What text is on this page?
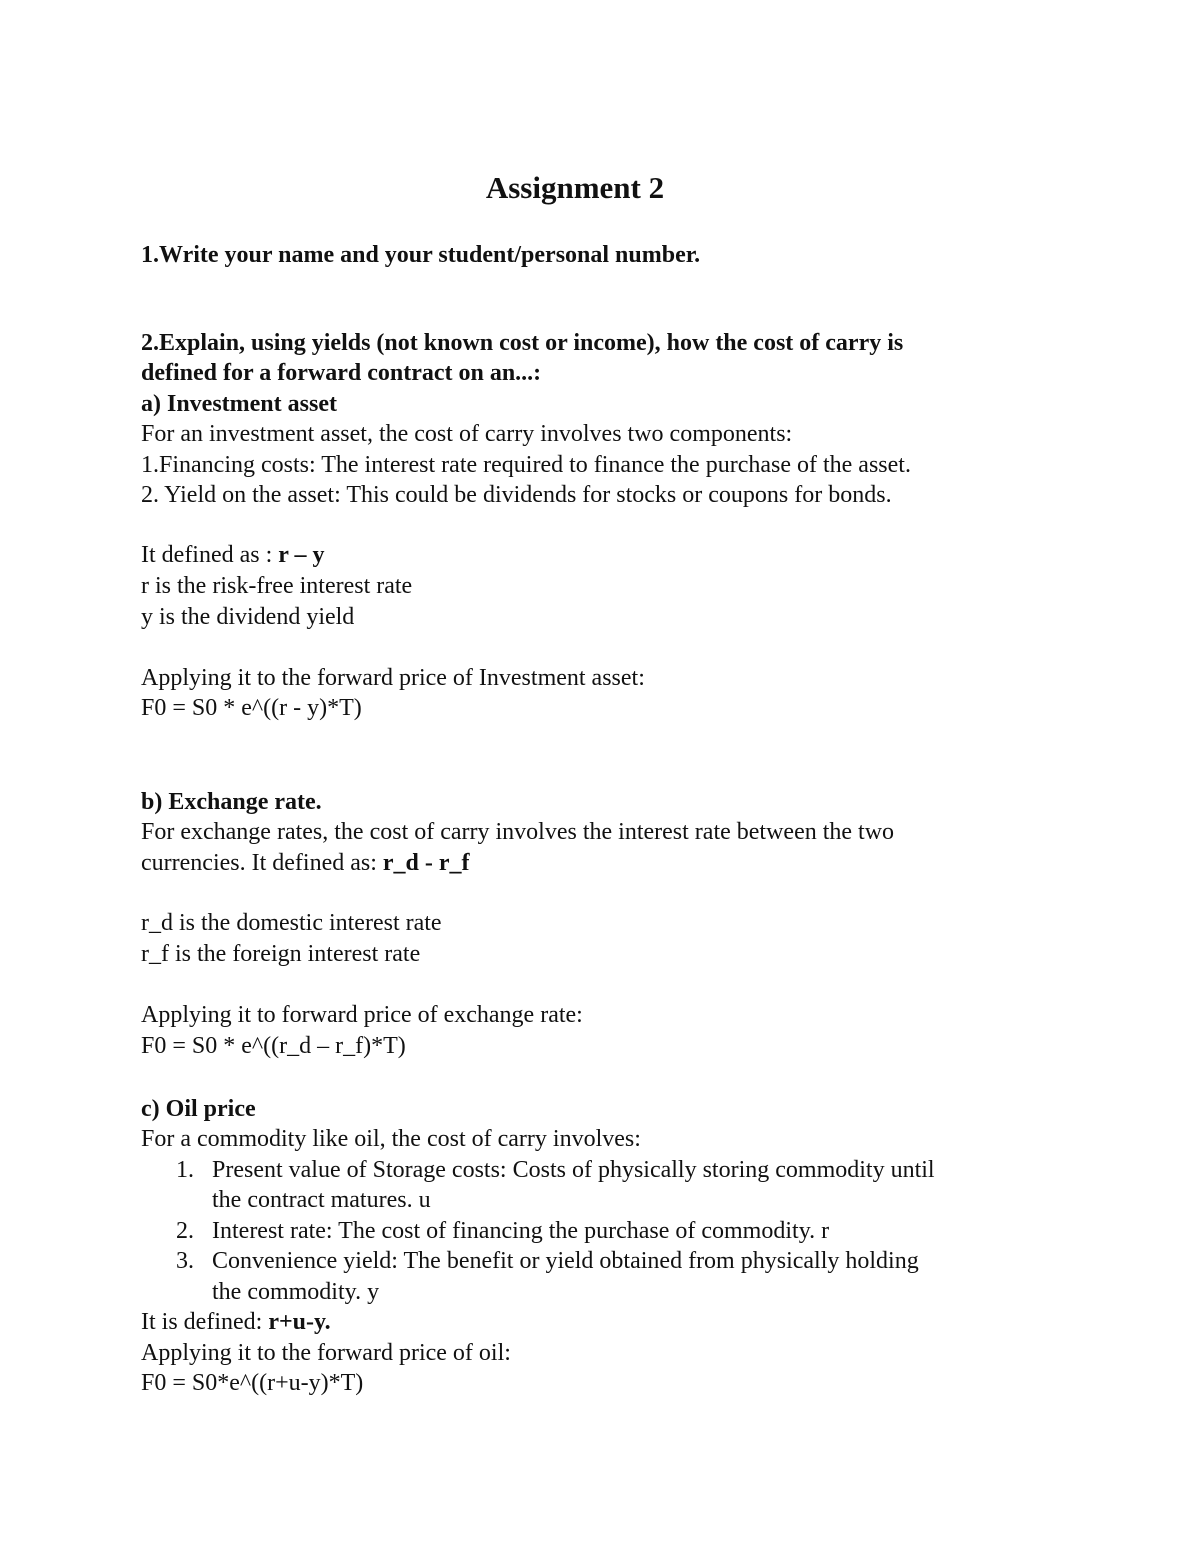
Assignment 2
1.Write your name and your student/personal number.
2.Explain, using yields (not known cost or income), how the cost of carry is
defined for a forward contract on an...:
a) Investment asset
For an investment asset, the cost of carry involves two components:
1.Financing costs: The interest rate required to finance the purchase of the asset.
2. Yield on the asset: This could be dividends for stocks or coupons for bonds.
It defined as : r – y
r is the risk-free interest rate
y is the dividend yield
Applying it to the forward price of Investment asset:
F0 = S0 * e^((r - y)*T)
b) Exchange rate.
For exchange rates, the cost of carry involves the interest rate between the two
currencies. It defined as: r_d - r_f
r_d is the domestic interest rate
r_f is the foreign interest rate
Applying it to forward price of exchange rate:
F0 = S0 * e^((r_d – r_f)*T)
c) Oil price
For a commodity like oil, the cost of carry involves:
1. Present value of Storage costs: Costs of physically storing commodity until
the contract matures. u
2. Interest rate: The cost of financing the purchase of commodity. r
3. Convenience yield: The benefit or yield obtained from physically holding
the commodity. y
It is defined: r+u-y.
Applying it to the forward price of oil:
F0 = S0*e^((r+u-y)*T)
